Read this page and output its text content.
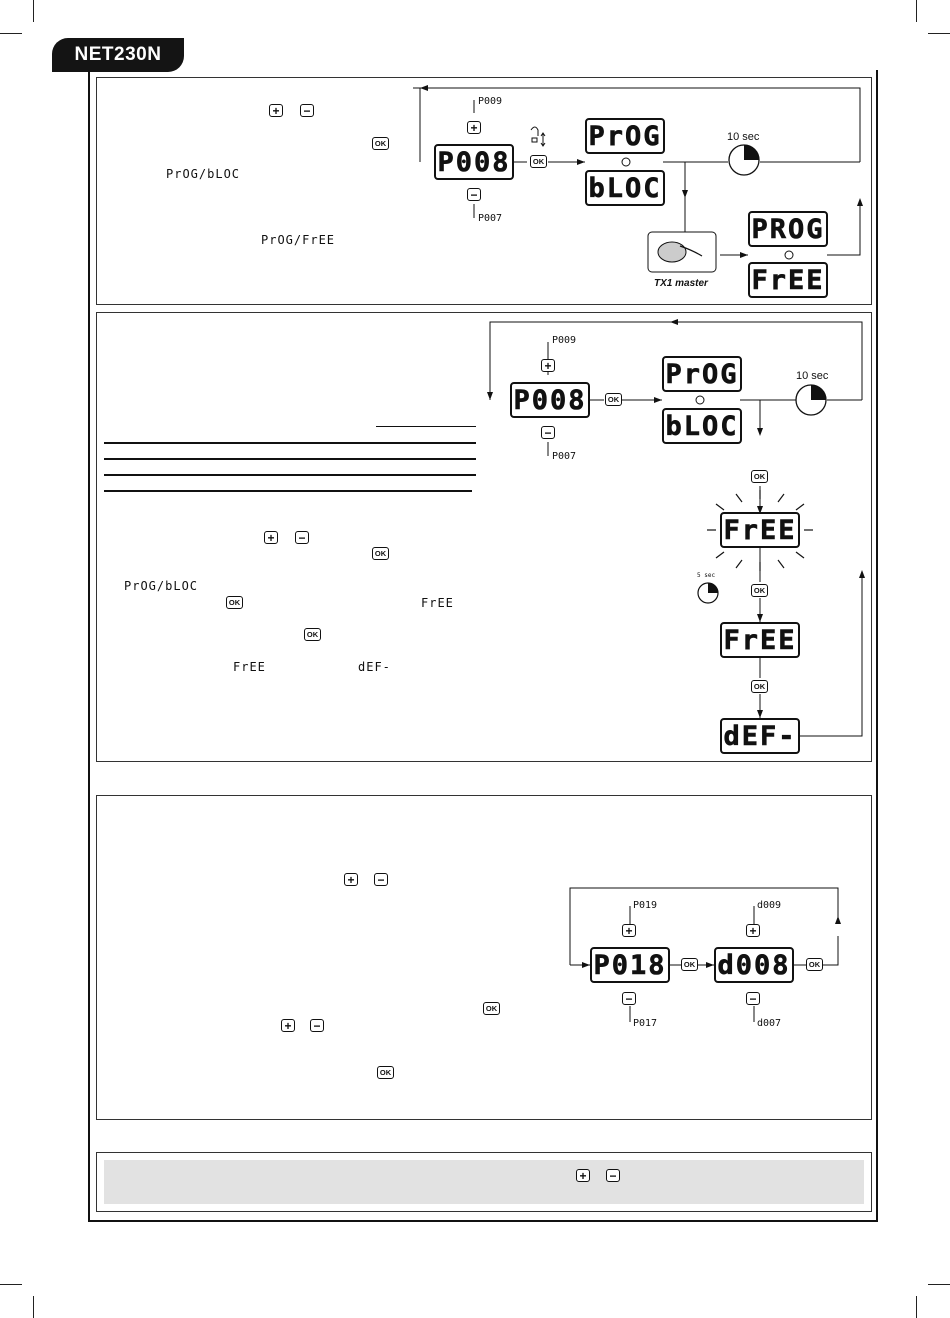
NET230N
+ −
OK
PrOG/bLOC
PrOG/FrEE
P009
+
P008
−
P007
OK
PrOG
bLOC
10 sec
TX1 master
PROG
FrEE
+ −
OK
PrOG/bLOC
OK	FrEE
OK
FrEE	dEF-
P009
+
P008
−
P007
OK
PrOG
bLOC
10 sec
OK
FrEE
5 sec
OK
FrEE
OK
dEF-
+ −
OK
+ −
OK
P019
+
P018
−
P017
OK
d009
+
d008
−
d007
OK
+ −
